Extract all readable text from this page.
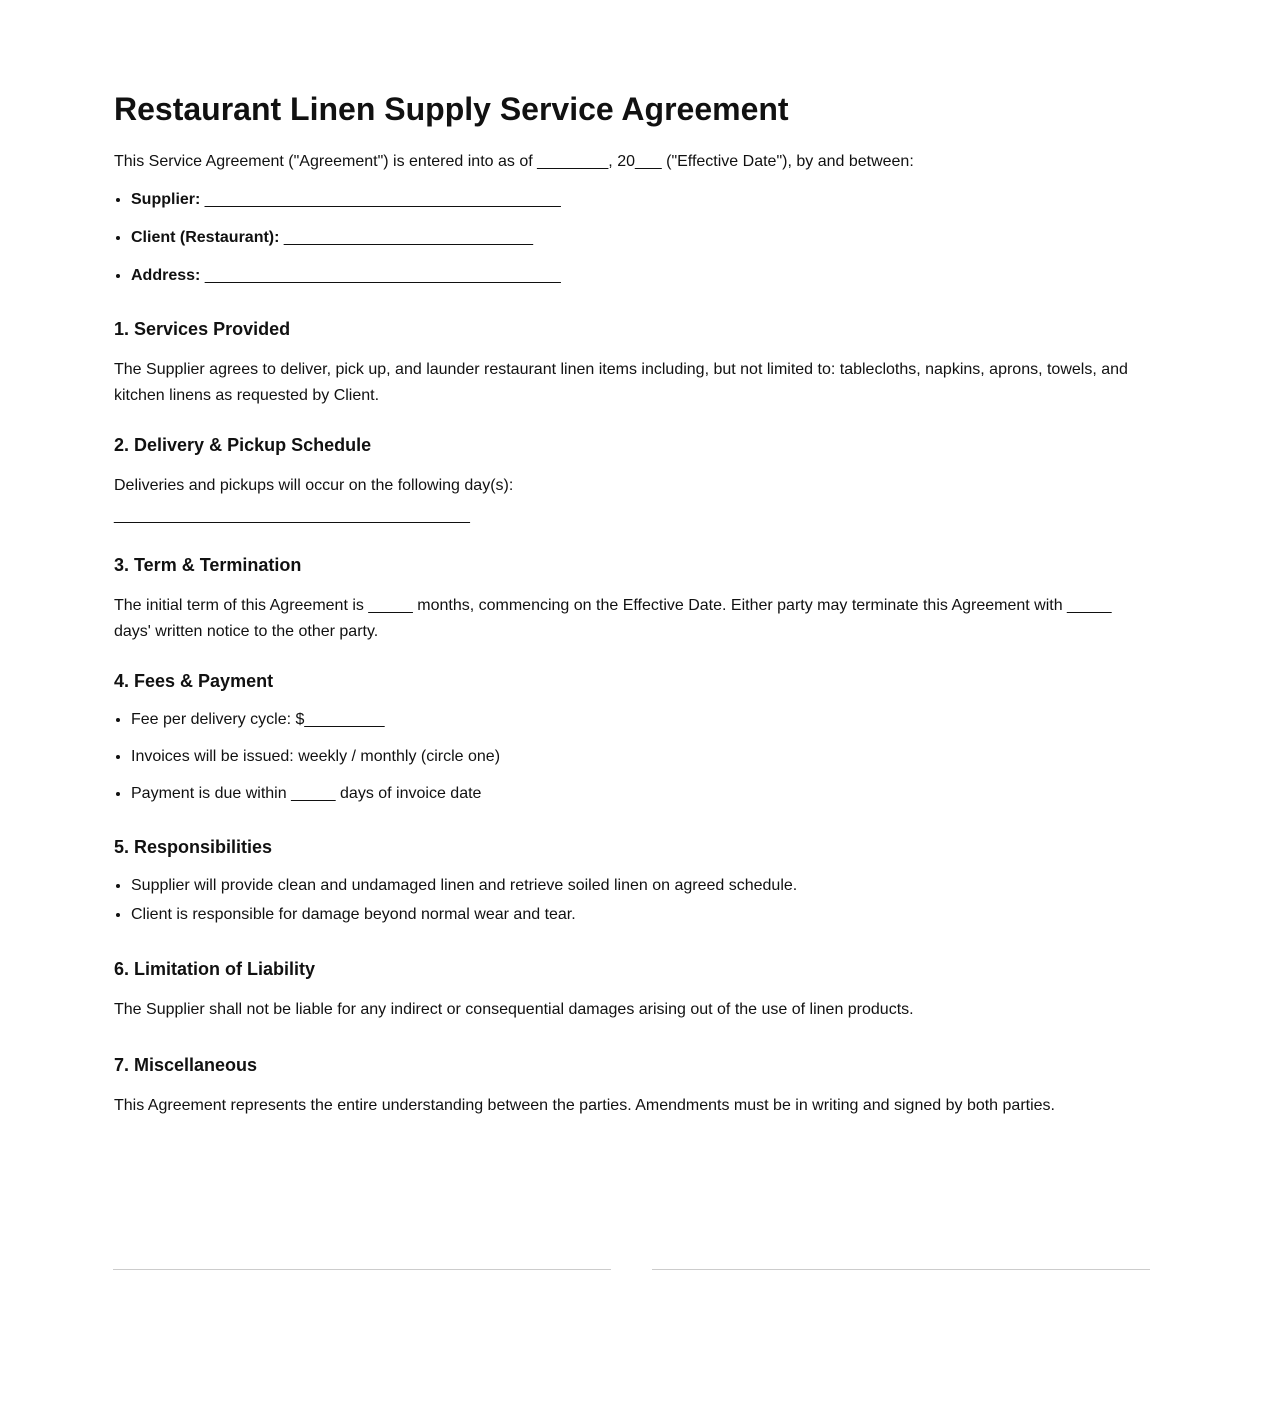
Restaurant Linen Supply Service Agreement

This Service Agreement ("Agreement") is entered into as of ________, 20___ ("Effective Date"), by and between:

• Supplier: ________________________________________
• Client (Restaurant): ____________________________
• Address: ________________________________________
1. Services Provided

The Supplier agrees to deliver, pick up, and launder restaurant linen items including, but not limited to: tablecloths, napkins, aprons, towels, and kitchen linens as requested by Client.

2. Delivery & Pickup Schedule

Deliveries and pickups will occur on the following day(s):

________________________________________

3. Term & Termination

The initial term of this Agreement is _____ months, commencing on the Effective Date. Either party may terminate this Agreement with _____ days' written notice to the other party.

4. Fees & Payment
• Fee per delivery cycle: $_________
• Invoices will be issued: weekly / monthly (circle one)
• Payment is due within _____ days of invoice date
5. Responsibilities
• Supplier will provide clean and undamaged linen and retrieve soiled linen on agreed schedule.
• Client is responsible for damage beyond normal wear and tear.
6. Limitation of Liability

The Supplier shall not be liable for any indirect or consequential damages arising out of the use of linen products.

7. Miscellaneous

This Agreement represents the entire understanding between the parties. Amendments must be in writing and signed by both parties.
